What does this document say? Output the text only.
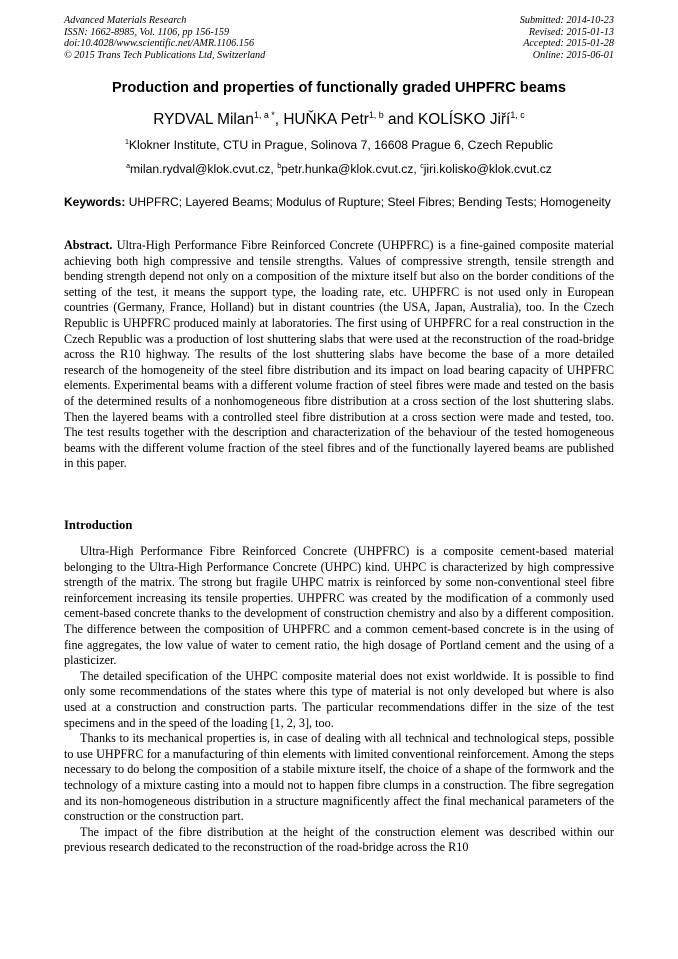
Advanced Materials Research
ISSN: 1662-8985, Vol. 1106, pp 156-159
doi:10.4028/www.scientific.net/AMR.1106.156
© 2015 Trans Tech Publications Ltd, Switzerland
Submitted: 2014-10-23
Revised: 2015-01-13
Accepted: 2015-01-28
Online: 2015-06-01
Production and properties of functionally graded UHPFRC beams
RYDVAL Milan$^{1, a *}$, HUŇKA Petr$^{1, b}$ and KOLÍSKO Jiří$^{1, c}$
$^1$Klokner Institute, CTU in Prague, Solinova 7, 16608 Prague 6, Czech Republic
$^a$milan.rydval@klok.cvut.cz, $^b$petr.hunka@klok.cvut.cz, $^c$jiri.kolisko@klok.cvut.cz
Keywords: UHPFRC; Layered Beams; Modulus of Rupture; Steel Fibres; Bending Tests; Homogeneity

Abstract. Ultra-High Performance Fibre Reinforced Concrete (UHPFRC) is a fine-gained composite material achieving both high compressive and tensile strengths. Values of compressive strength, tensile strength and bending strength depend not only on a composition of the mixture itself but also on the border conditions of the setting of the test, it means the support type, the loading rate, etc. UHPFRC is not used only in European countries (Germany, France, Holland) but in distant countries (the USA, Japan, Australia), too. In the Czech Republic is UHPFRC produced mainly at laboratories. The first using of UHPFRC for a real construction in the Czech Republic was a production of lost shuttering slabs that were used at the reconstruction of the road-bridge across the R10 highway. The results of the lost shuttering slabs have become the base of a more detailed research of the homogeneity of the steel fibre distribution and its impact on load bearing capacity of UHPFRC elements. Experimental beams with a different volume fraction of steel fibres were made and tested on the basis of the determined results of a nonhomogeneous fibre distribution at a cross section of the lost shuttering slabs. Then the layered beams with a controlled steel fibre distribution at a cross section were made and tested, too. The test results together with the description and characterization of the behaviour of the tested homogeneous beams with the different volume fraction of the steel fibres and of the functionally layered beams are published in this paper.

Introduction

Ultra-High Performance Fibre Reinforced Concrete (UHPFRC) is a composite cement-based material belonging to the Ultra-High Performance Concrete (UHPC) kind. UHPC is characterized by high compressive strength of the matrix. The strong but fragile UHPC matrix is reinforced by some non-conventional steel fibre reinforcement increasing its tensile properties. UHPFRC was created by the modification of a commonly used cement-based concrete thanks to the development of construction chemistry and also by a different composition. The difference between the composition of UHPFRC and a common cement-based concrete is in the using of fine aggregates, the low value of water to cement ratio, the high dosage of Portland cement and the using of a plasticizer.

The detailed specification of the UHPC composite material does not exist worldwide. It is possible to find only some recommendations of the states where this type of material is not only developed but where is also used at a construction and construction parts. The particular recommendations differ in the size of the test specimens and in the speed of the loading [1, 2, 3], too.

Thanks to its mechanical properties is, in case of dealing with all technical and technological steps, possible to use UHPFRC for a manufacturing of thin elements with limited conventional reinforcement. Among the steps necessary to do belong the composition of a stabile mixture itself, the choice of a shape of the formwork and the technology of a mixture casting into a mould not to happen fibre clumps in a construction. The fibre segregation and its non-homogeneous distribution in a structure magnificently affect the final mechanical parameters of the construction or the construction part.

The impact of the fibre distribution at the height of the construction element was described within our previous research dedicated to the reconstruction of the road-bridge across the R10
